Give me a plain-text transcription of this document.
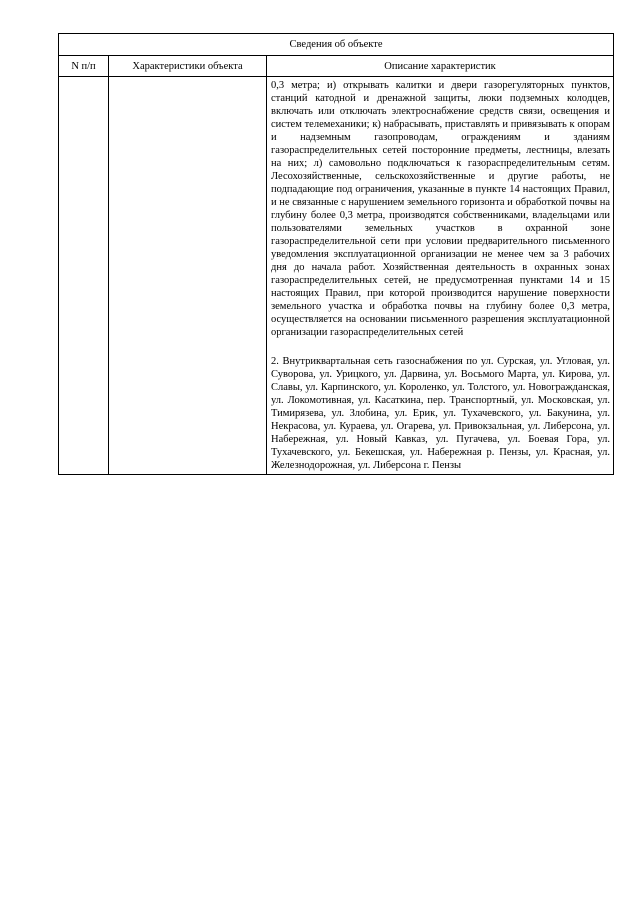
Сведения об объекте		
N п/п	Характеристики объекта	Описание характеристик

		0,3 метра; и) открывать калитки и двери газорегуляторных пунктов, станций катодной и дренажной защиты, люки подземных колодцев, включать или отключать электроснабжение средств связи, освещения и систем телемеханики; к) набрасывать, приставлять и привязывать к опорам и надземным газопроводам, ограждениям и зданиям газораспределительных сетей посторонние предметы, лестницы, влезать на них; л) самовольно подключаться к газораспределительным сетям. Лесохозяйственные, сельскохозяйственные и другие работы, не подпадающие под ограничения, указанные в пункте 14 настоящих Правил, и не связанные с нарушением земельного горизонта и обработкой почвы на глубину более 0,3 метра, производятся собственниками, владельцами или пользователями земельных участков в охранной зоне газораспределительной сети при условии предварительного письменного уведомления эксплуатационной организации не менее чем за 3 рабочих дня до начала работ. Хозяйственная деятельность в охранных зонах газораспределительных сетей, не предусмотренная пунктами 14 и 15 настоящих Правил, при которой производится нарушение поверхности земельного участка и обработка почвы на глубину более 0,3 метра, осуществляется на основании письменного разрешения эксплуатационной организации газораспределительных сетей

2. Внутриквартальная сеть газоснабжения по ул. Сурская, ул. Угловая, ул. Суворова, ул. Урицкого, ул. Дарвина, ул. Восьмого Марта, ул. Кирова, ул. Славы, ул. Карпинского, ул. Короленко, ул. Толстого, ул. Новогражданская, ул. Локомотивная, ул. Касаткина, пер. Транспортный, ул. Московская, ул. Тимирязева, ул. Злобина, ул. Ерик, ул. Тухачевского, ул. Бакунина, ул. Некрасова, ул. Кураева, ул. Огарева, ул. Привокзальная, ул. Либерсона, ул. Набережная, ул. Новый Кавказ, ул. Пугачева, ул. Боевая Гора, ул. Тухачевского, ул. Бекешская, ул. Набережная р. Пензы, ул. Красная, ул. Железнодорожная, ул. Либерсона г. Пензы
